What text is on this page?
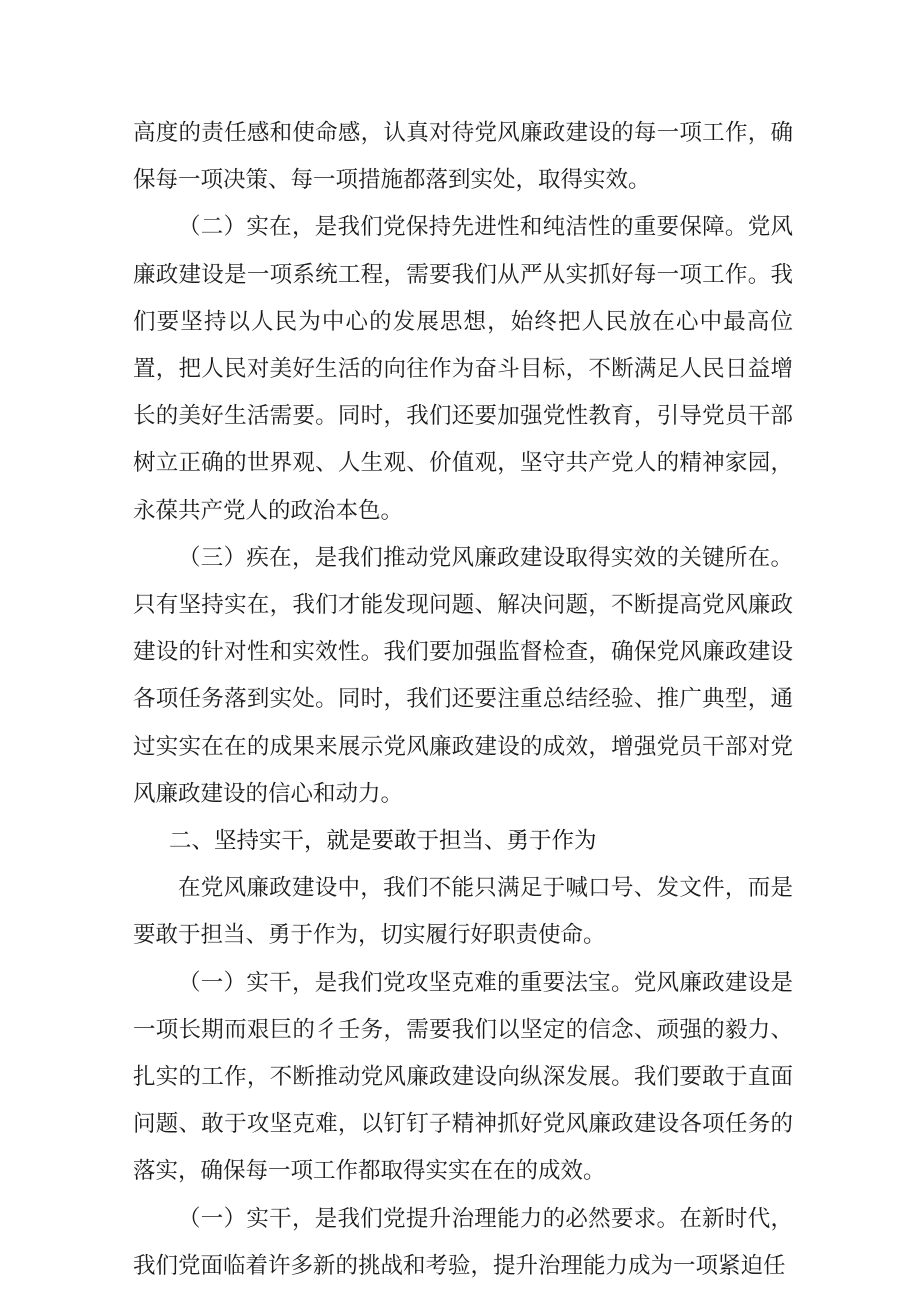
高度的责任感和使命感，认真对待党风廉政建设的每一项工作，确保每一项决策、每一项措施都落到实处，取得实效。

（二）实在，是我们党保持先进性和纯洁性的重要保障。党风廉政建设是一项系统工程，需要我们从严从实抓好每一项工作。我们要坚持以人民为中心的发展思想，始终把人民放在心中最高位置，把人民对美好生活的向往作为奋斗目标，不断满足人民日益增长的美好生活需要。同时，我们还要加强党性教育，引导党员干部树立正确的世界观、人生观、价值观，坚守共产党人的精神家园，永葆共产党人的政治本色。

（三）疾在，是我们推动党风廉政建设取得实效的关键所在。只有坚持实在，我们才能发现问题、解决问题，不断提高党风廉政建设的针对性和实效性。我们要加强监督检查，确保党风廉政建设各项任务落到实处。同时，我们还要注重总结经验、推广典型，通过实实在在的成果来展示党风廉政建设的成效，增强党员干部对党风廉政建设的信心和动力。

二、坚持实干，就是要敢于担当、勇于作为

在党风廉政建设中，我们不能只满足于喊口号、发文件，而是要敢于担当、勇于作为，切实履行好职责使命。

（一）实干，是我们党攻坚克难的重要法宝。党风廉政建设是一项长期而艰巨的彳壬务，需要我们以坚定的信念、顽强的毅力、扎实的工作，不断推动党风廉政建设向纵深发展。我们要敢于直面问题、敢于攻坚克难，以钉钉子精神抓好党风廉政建设各项任务的落实，确保每一项工作都取得实实在在的成效。

（一）实干，是我们党提升治理能力的必然要求。在新时代，我们党面临着许多新的挑战和考验，提升治理能力成为一项紧迫任
